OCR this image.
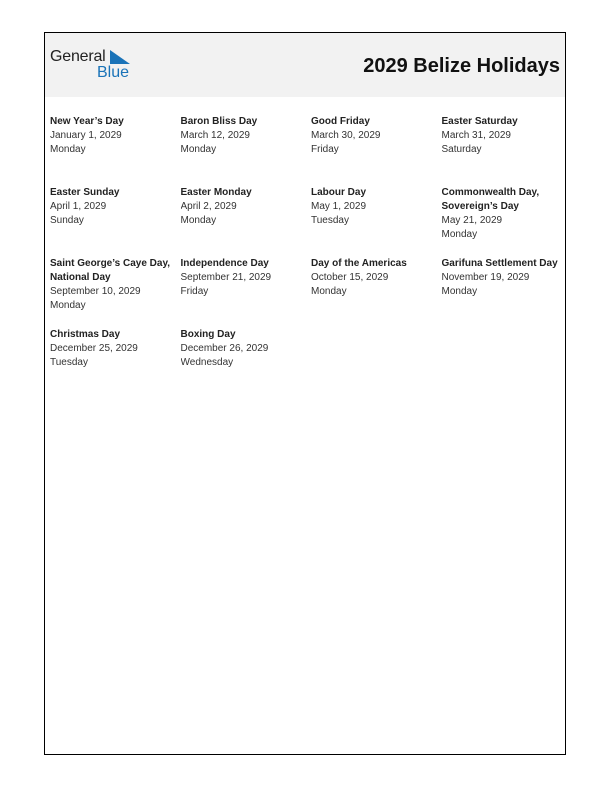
General
Blue	2029 Belize Holidays
New Year’s Day
January 1, 2029
Monday
Baron Bliss Day
March 12, 2029
Monday
Good Friday
March 30, 2029
Friday
Easter Saturday
March 31, 2029
Saturday
Easter Sunday
April 1, 2029
Sunday
Easter Monday
April 2, 2029
Monday
Labour Day
May 1, 2029
Tuesday
Commonwealth Day, Sovereign’s Day
May 21, 2029
Monday
Saint George’s Caye Day, National Day
September 10, 2029
Monday
Independence Day
September 21, 2029
Friday
Day of the Americas
October 15, 2029
Monday
Garifuna Settlement Day
November 19, 2029
Monday
Christmas Day
December 25, 2029
Tuesday
Boxing Day
December 26, 2029
Wednesday
